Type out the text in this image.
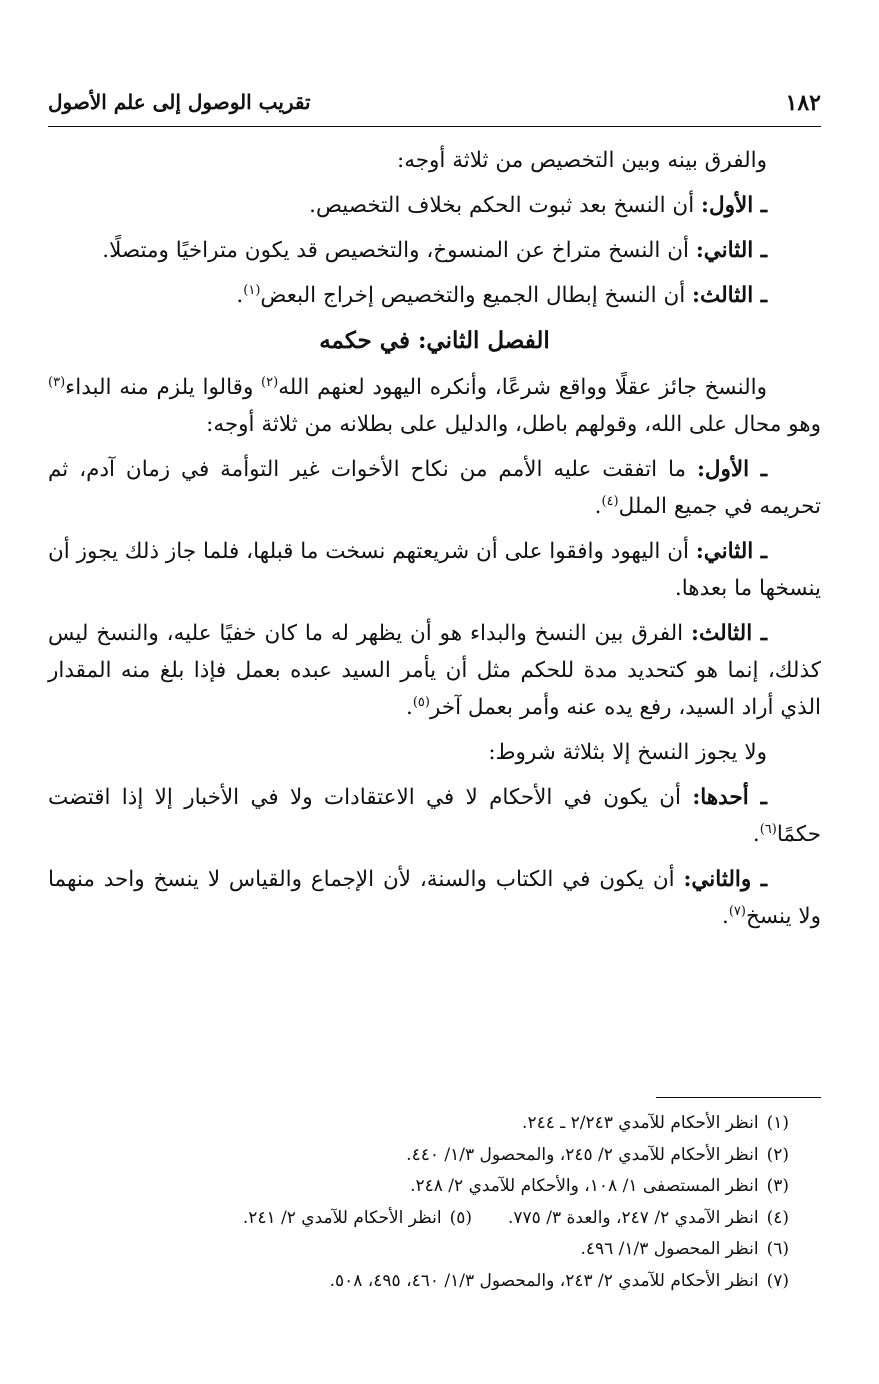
١٨٢
تقريب الوصول إلى علم الأصول

والفرق بينه وبين التخصيص من ثلاثة أوجه:

ـ الأول: أن النسخ بعد ثبوت الحكم بخلاف التخصيص.

ـ الثاني: أن النسخ متراخ عن المنسوخ، والتخصيص قد يكون متراخيًا ومتصلًا.

ـ الثالث: أن النسخ إبطال الجميع والتخصيص إخراج البعض$^{(١)}$.

الفصل الثاني: في حكمه

والنسخ جائز عقلًا وواقع شرعًا، وأنكره اليهود لعنهم الله$^{(٢)}$ وقالوا يلزم منه البداء$^{(٣)}$ وهو محال على الله، وقولهم باطل، والدليل على بطلانه من ثلاثة أوجه:

ـ الأول: ما اتفقت عليه الأمم من نكاح الأخوات غير التوأمة في زمان آدم، ثم تحريمه في جميع الملل$^{(٤)}$.

ـ الثاني: أن اليهود وافقوا على أن شريعتهم نسخت ما قبلها، فلما جاز ذلك يجوز أن ينسخها ما بعدها.

ـ الثالث: الفرق بين النسخ والبداء هو أن يظهر له ما كان خفيًا عليه، والنسخ ليس كذلك، إنما هو كتحديد مدة للحكم مثل أن يأمر السيد عبده بعمل فإذا بلغ منه المقدار الذي أراد السيد، رفع يده عنه وأمر بعمل آخر$^{(٥)}$.

ولا يجوز النسخ إلا بثلاثة شروط:

ـ أحدها: أن يكون في الأحكام لا في الاعتقادات ولا في الأخبار إلا إذا اقتضت حكمًا$^{(٦)}$.

ـ والثاني: أن يكون في الكتاب والسنة، لأن الإجماع والقياس لا ينسخ واحد منهما ولا ينسخ$^{(٧)}$.

(١)انظر الأحكام للآمدي ٢/٢٤٣ ـ ٢٤٤.
(٢)انظر الأحكام للآمدي ٢/ ٢٤٥، والمحصول ١/٣/ ٤٤٠.
(٣)انظر المستصفى ١/ ١٠٨، والأحكام للآمدي ٢/ ٢٤٨.
(٤)انظر الآمدي ٢/ ٢٤٧، والعدة ٣/ ٧٧٥.(٥)انظر الأحكام للآمدي ٢/ ٢٤١.
(٦)انظر المحصول ١/٣/ ٤٩٦.
(٧)انظر الأحكام للآمدي ٢/ ٢٤٣، والمحصول ١/٣/ ٤٦٠، ٤٩٥، ٥٠٨.
